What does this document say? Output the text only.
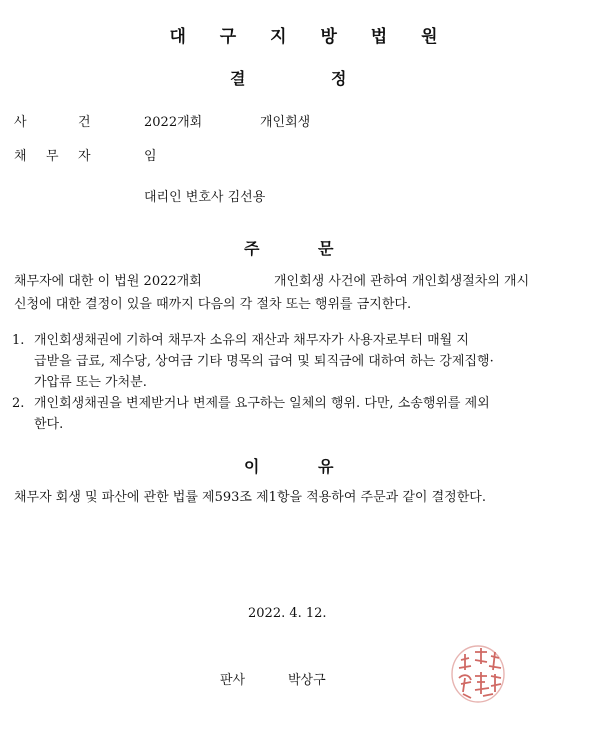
대 구 지 방 법 원
결	정
사	건	2022개회	개인회생
채 무 자	임
대리인 변호사 김선용
주	문
채무자에 대한 이 법원 2022개회	개인회생 사건에 관하여 개인회생절차의 개시
신청에 대한 결정이 있을 때까지 다음의 각 절차 또는 행위를 금지한다.
1. 개인회생채권에 기하여 채무자 소유의 재산과 채무자가 사용자로부터 매월 지
급받을 급료, 제수당, 상여금 기타 명목의 급여 및 퇴직금에 대하여 하는 강제집행·
가압류 또는 가처분.
2. 개인회생채권을 변제받거나 변제를 요구하는 일체의 행위. 다만, 소송행위를 제외
한다.
이	유
채무자 회생 및 파산에 관한 법률 제593조 제1항을 적용하여 주문과 같이 결정한다.
2022. 4. 12.
판사	박상구
